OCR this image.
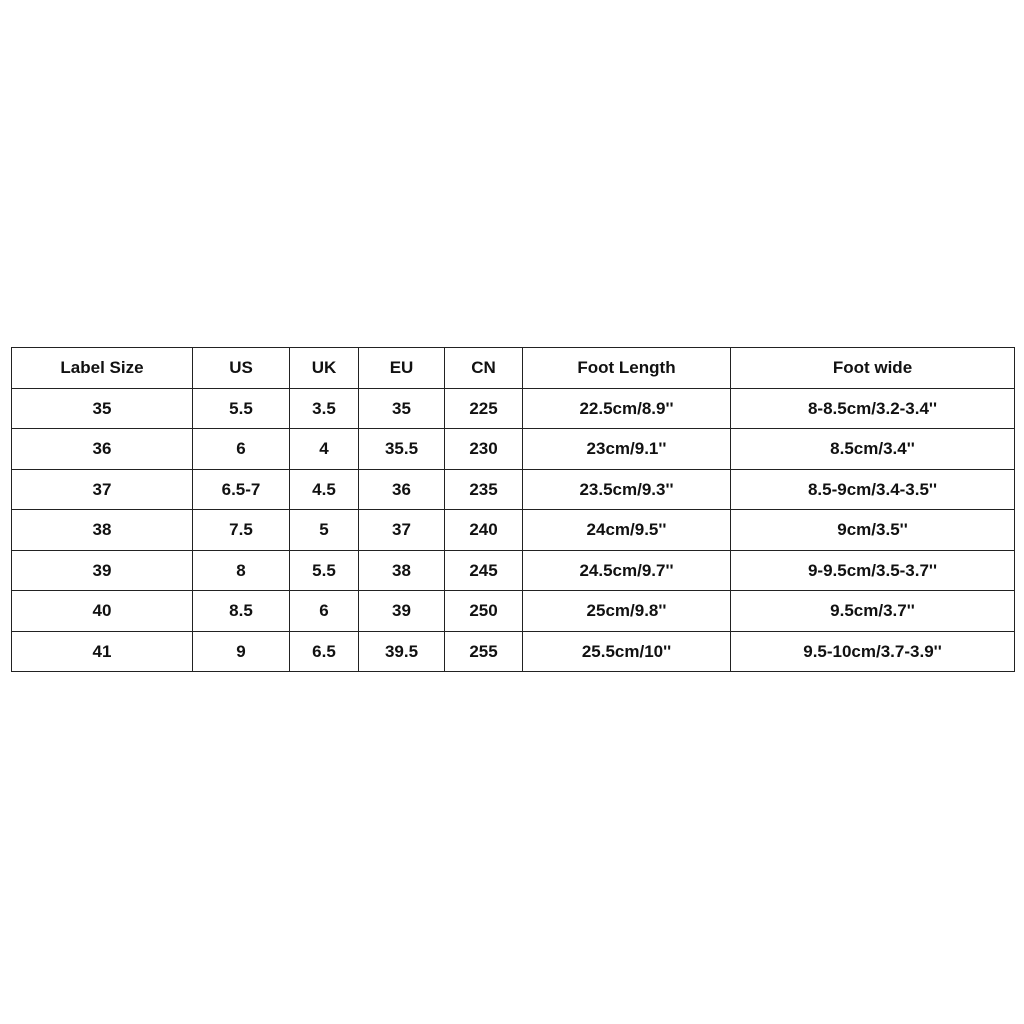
Label Size	US	UK	EU	CN	Foot Length	Foot wide
35	5.5	3.5	35	225	22.5cm/8.9''	8-8.5cm/3.2-3.4''
36	6	4	35.5	230	23cm/9.1''	8.5cm/3.4''
37	6.5-7	4.5	36	235	23.5cm/9.3''	8.5-9cm/3.4-3.5''
38	7.5	5	37	240	24cm/9.5''	9cm/3.5''
39	8	5.5	38	245	24.5cm/9.7''	9-9.5cm/3.5-3.7''
40	8.5	6	39	250	25cm/9.8''	9.5cm/3.7''
41	9	6.5	39.5	255	25.5cm/10''	9.5-10cm/3.7-3.9''
